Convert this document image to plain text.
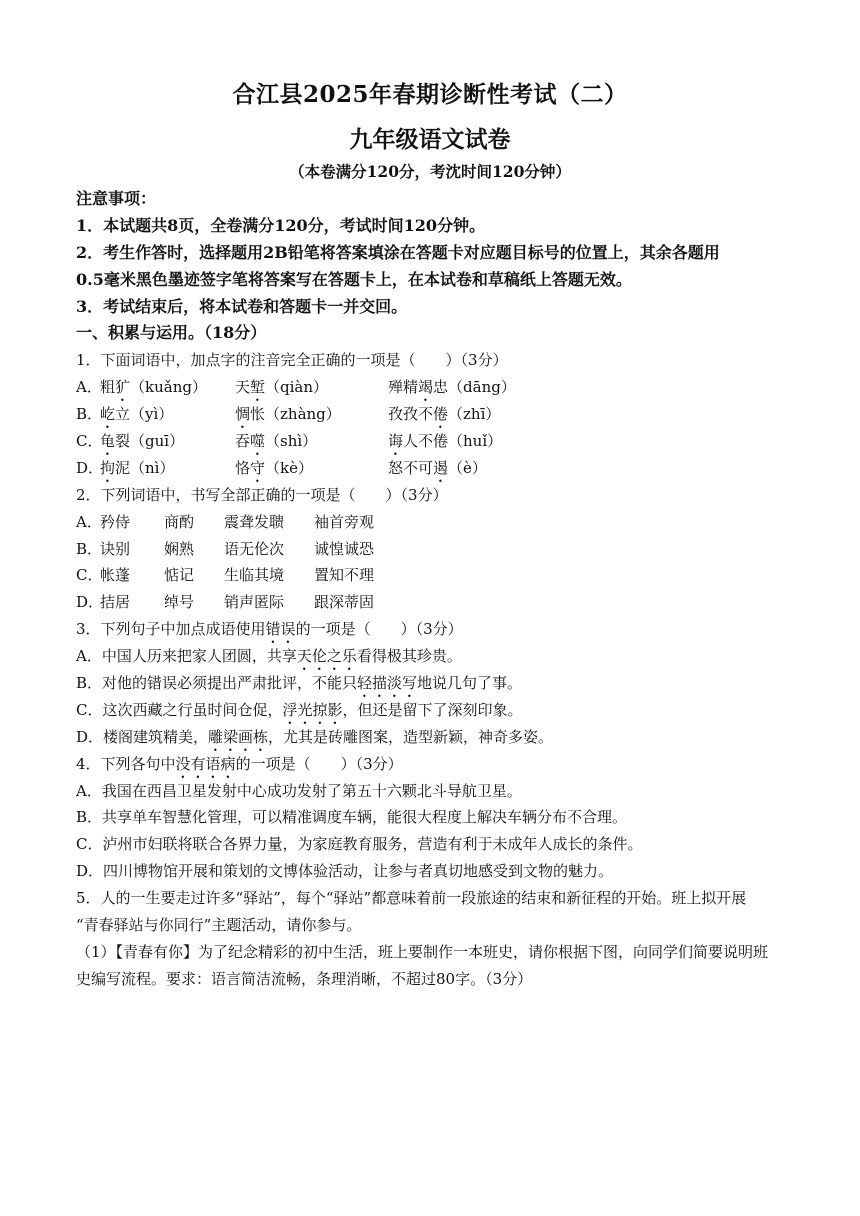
合江县2025年春期诊断性考试（二）
九年级语文试卷
（本卷满分120分，考沈时间120分钟）
注意事项：
1．本试题共8页，全卷满分120分，考试时间120分钟。
2．考生作答时，选择题用2B铅笔将答案填涂在答题卡对应题目标号的位置上，其余各题用
0.5毫米黑色墨迹签字笔将答案写在答题卡上，在本试卷和草稿纸上答题无效。
3．考试结束后，将本试卷和答题卡一并交回。
一、积累与运用。（18分）
1．下面词语中，加点字的注音完全正确的一项是（　　）（3分）
A．
粗犷（kuǎng）	天堑（qiàn）	殚精竭忠（dāng）
B．
屹立（yì）	惆怅（zhàng）	孜孜不倦（zhī）
C．
龟裂（guī）	吞噬（shì）	诲人不倦（huǐ）
D．
拘泥（nì）	恪守（kè）	怒不可遏（è）
2．下列词语中，书写全部正确的一项是（　　）（3分）
A．
矜侍	商酌	震聋发聩	袖首旁观
B．
诀别	娴熟	语无伦次	诚惶诚恐
C．
帐蓬	惦记	生临其境	置知不理
D．
拮居	绰号	销声匿际	跟深蒂固
3．下列句子中加点成语使用错误的一项是（　　）（3分）
A．中国人历来把家人团圆，共享天伦之乐看得极其珍贵。
B．对他的错误必须提出严肃批评，不能只轻描淡写地说几句了事。
C．这次西藏之行虽时间仓促，浮光掠影，但还是留下了深刻印象。
D．楼阁建筑精美，雕梁画栋，尤其是砖雕图案，造型新颖，神奇多姿。
4．下列各句中没有语病的一项是（　　）（3分）
A．我国在西昌卫星发射中心成功发射了第五十六颗北斗导航卫星。
B．共享单车智慧化管理，可以精准调度车辆，能很大程度上解决车辆分布不合理。
C．泸州市妇联将联合各界力量，为家庭教育服务，营造有利于未成年人成长的条件。
D．四川博物馆开展和策划的文博体验活动，让参与者真切地感受到文物的魅力。
5．人的一生要走过许多“驿站”，每个“驿站”都意味着前一段旅途的结束和新征程的开始。班上拟开展
“青春驿站与你同行”主题活动，请你参与。
（1）【青春有你】为了纪念精彩的初中生活，班上要制作一本班史，请你根据下图，向同学们简要说明班
史编写流程。要求：语言简洁流畅，条理消晰，不超过80字。（3分）
